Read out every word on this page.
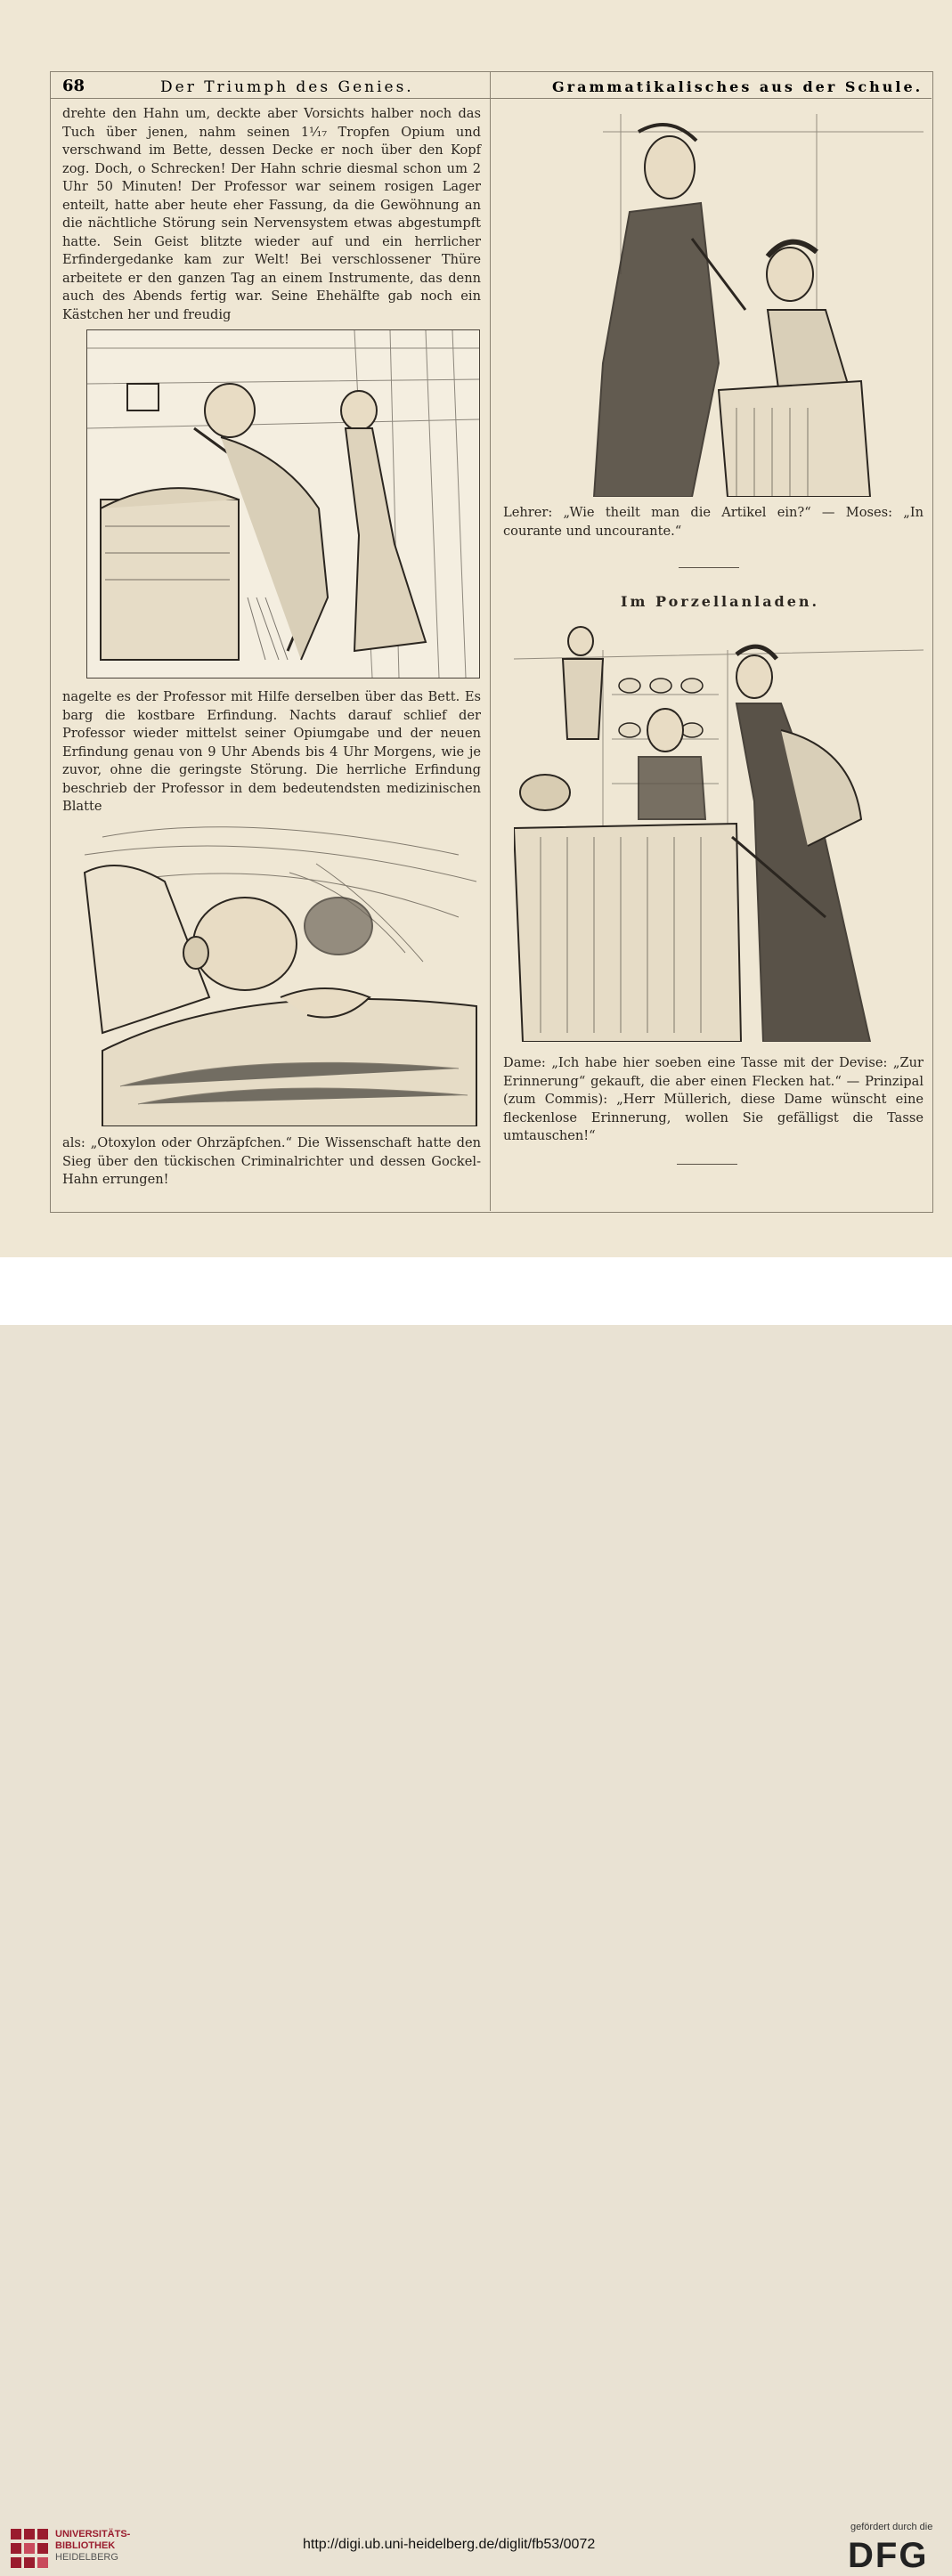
68	Der Triumph des Genies.	Grammatikalisches aus der Schule.
drehte den Hahn um, deckte aber Vorsichts halber noch das Tuch über jenen, nahm seinen 1¹⁄₁₇ Tropfen Opium und verschwand im Bette, dessen Decke er noch über den Kopf zog. Doch, o Schrecken! Der Hahn schrie diesmal schon um 2 Uhr 50 Minuten! Der Professor war seinem rosigen Lager enteilt, hatte aber heute eher Fassung, da die Gewöhnung an die nächtliche Störung sein Nervensystem etwas abgestumpft hatte. Sein Geist blitzte wieder auf und ein herrlicher Erfindergedanke kam zur Welt! Bei verschlossener Thüre arbeitete er den ganzen Tag an einem Instrumente, das denn auch des Abends fertig war. Seine Ehehälfte gab noch ein Kästchen her und freudig
nagelte es der Professor mit Hilfe derselben über das Bett. Es barg die kostbare Erfindung. Nachts darauf schlief der Professor wieder mittelst seiner Opiumgabe und der neuen Erfindung genau von 9 Uhr Abends bis 4 Uhr Morgens, wie je zuvor, ohne die geringste Störung. Die herrliche Erfindung beschrieb der Professor in dem bedeutendsten medizinischen Blatte
als: „Otoxylon oder Ohrzäpfchen.“ Die Wissenschaft hatte den Sieg über den tückischen Criminalrichter und dessen Gockel-Hahn errungen!
Lehrer: „Wie theilt man die Artikel ein?“ — Moses: „In courante und uncourante.“
Im Porzellanladen.
Dame: „Ich habe hier soeben eine Tasse mit der Devise: „Zur Erinnerung“ gekauft, die aber einen Flecken hat.“ — Prinzipal (zum Commis): „Herr Müllerich, diese Dame wünscht eine fleckenlose Erinnerung, wollen Sie gefälligst die Tasse umtauschen!“
UNIVERSITÄTS-
BIBLIOTHEK
HEIDELBERG
http://digi.ub.uni-heidelberg.de/diglit/fb53/0072
gefördert durch die
DFG
